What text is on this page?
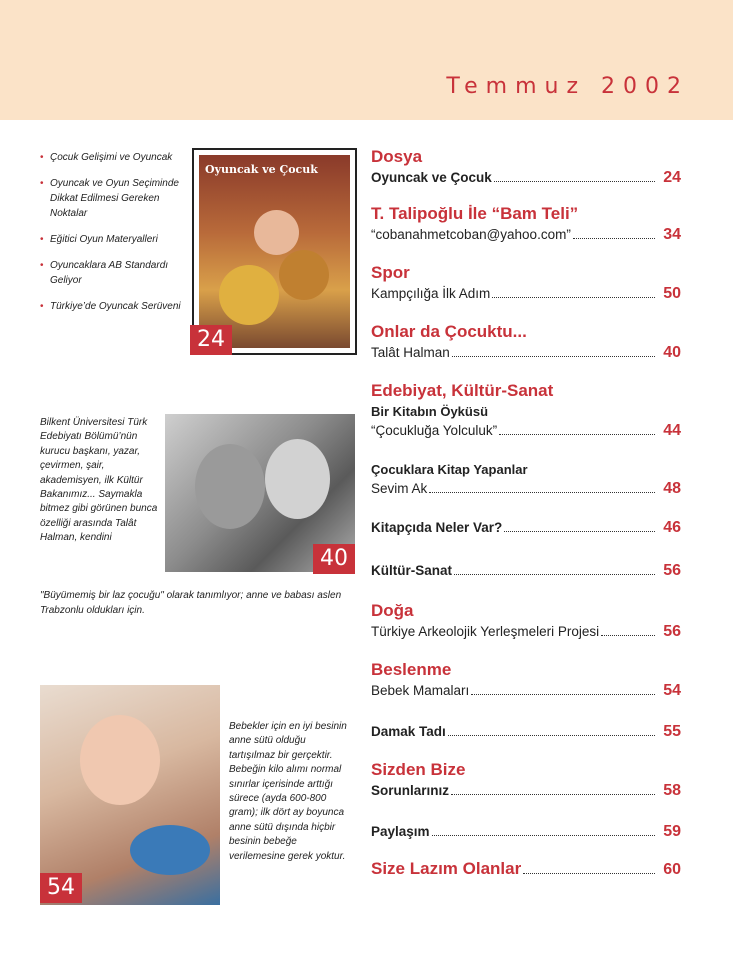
Temmuz 2002
• Çocuk Gelişimi ve Oyuncak
• Oyuncak ve Oyun Seçiminde Dikkat Edilmesi Gereken Noktalar
• Eğitici Oyun Materyalleri
• Oyuncaklara AB Standardı Geliyor
• Türkiye’de Oyuncak Serüveni
Oyuncak ve Çocuk
24
Bilkent Üniversitesi Türk Edebiyatı Bölümü’nün kurucu başkanı, yazar, çevirmen, şair, akademisyen, ilk Kültür Bakanımız... Saymakla bitmez gibi görünen bunca özelliği arasında Talât Halman, kendini
40
"Büyümemiş bir laz çocuğu" olarak tanımlıyor; anne ve babası aslen Trabzonlu oldukları için.
54
Bebekler için en iyi besinin anne sütü olduğu tartışılmaz bir gerçektir. Bebeğin kilo alımı normal sınırlar içerisinde arttığı sürece (ayda 600-800 gram); ilk dört ay boyunca anne sütü dışında hiçbir besinin bebeğe verilemesine gerek yoktur.
Dosya
Oyuncak ve Çocuk	24
T. Talipoğlu İle “Bam Teli”
“cobanahmetcoban@yahoo.com”	34
Spor
Kampçılığa İlk Adım	50
Onlar da Çocuktu...
Talât Halman	40
Edebiyat, Kültür-Sanat
Bir Kitabın Öyküsü
“Çocukluğa Yolculuk”	44
Çocuklara Kitap Yapanlar
Sevim Ak	48
Kitapçıda Neler Var?	46
Kültür-Sanat	56
Doğa
Türkiye Arkeolojik Yerleşmeleri Projesi	56
Beslenme
Bebek Mamaları	54
Damak Tadı	55
Sizden Bize
Sorunlarınız	58
Paylaşım	59
Size Lazım Olanlar	60
